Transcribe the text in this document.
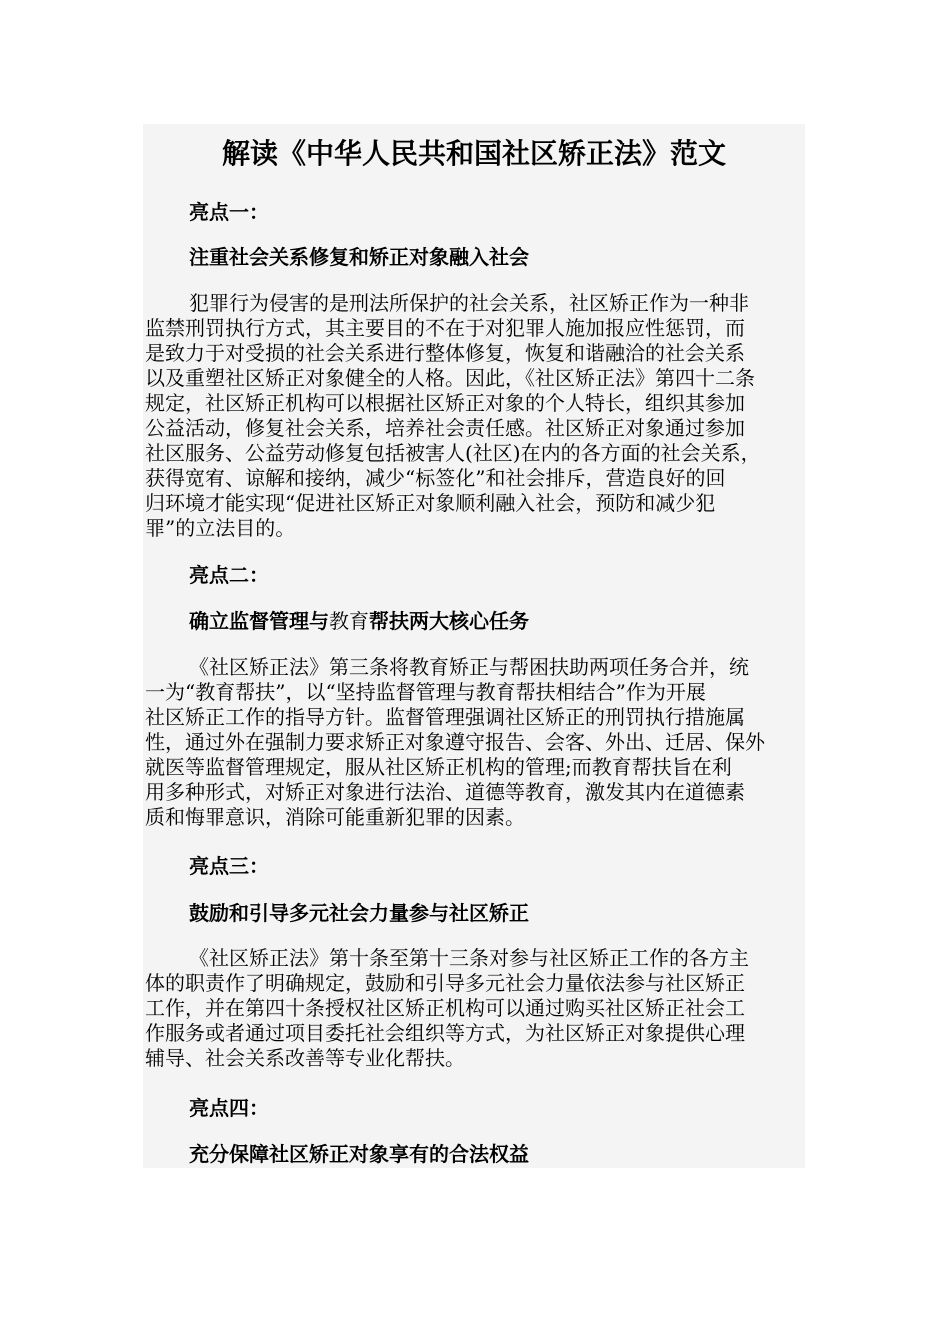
解读《中华人民共和国社区矫正法》范文
亮点一：
注重社会关系修复和矫正对象融入社会
犯罪行为侵害的是刑法所保护的社会关系，社区矫正作为一种非
监禁刑罚执行方式，其主要目的不在于对犯罪人施加报应性惩罚，而
是致力于对受损的社会关系进行整体修复，恢复和谐融洽的社会关系
以及重塑社区矫正对象健全的人格。因此，《社区矫正法》第四十二条
规定，社区矫正机构可以根据社区矫正对象的个人特长，组织其参加
公益活动，修复社会关系，培养社会责任感。社区矫正对象通过参加
社区服务、公益劳动修复包括被害人(社区)在内的各方面的社会关系，
获得宽宥、谅解和接纳，减少“标签化”和社会排斥，营造良好的回
归环境才能实现“促进社区矫正对象顺利融入社会，预防和减少犯
罪”的立法目的。
亮点二：
确立监督管理与教育帮扶两大核心任务
《社区矫正法》第三条将教育矫正与帮困扶助两项任务合并，统
一为“教育帮扶”，以“坚持监督管理与教育帮扶相结合”作为开展
社区矫正工作的指导方针。监督管理强调社区矫正的刑罚执行措施属
性，通过外在强制力要求矫正对象遵守报告、会客、外出、迁居、保外
就医等监督管理规定，服从社区矫正机构的管理;而教育帮扶旨在利
用多种形式，对矫正对象进行法治、道德等教育，激发其内在道德素
质和悔罪意识，消除可能重新犯罪的因素。
亮点三：
鼓励和引导多元社会力量参与社区矫正
《社区矫正法》第十条至第十三条对参与社区矫正工作的各方主
体的职责作了明确规定，鼓励和引导多元社会力量依法参与社区矫正
工作，并在第四十条授权社区矫正机构可以通过购买社区矫正社会工
作服务或者通过项目委托社会组织等方式，为社区矫正对象提供心理
辅导、社会关系改善等专业化帮扶。
亮点四：
充分保障社区矫正对象享有的合法权益
